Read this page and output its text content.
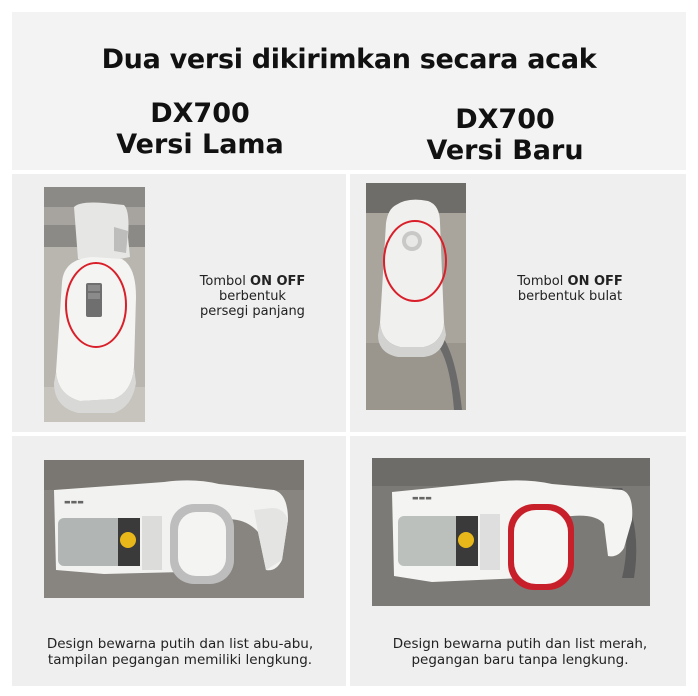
Dua versi dikirimkan secara acak
DX700
Versi Lama
DX700
Versi Baru
▬▬▬	▬▬▬
Tombol ON OFF
berbentuk
persegi panjang
Tombol ON OFF
berbentuk bulat
Design bewarna putih dan list abu-abu,
tampilan pegangan memiliki lengkung.
Design bewarna putih dan list merah,
pegangan baru tanpa lengkung.
